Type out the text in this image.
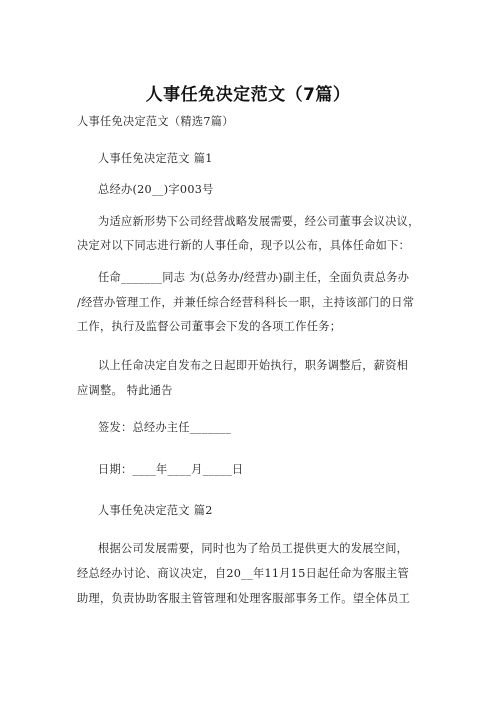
人事任免决定范文（7篇）
人事任免决定范文（精选7篇）
人事任免决定范文 篇1
总经办(20__)字003号
为适应新形势下公司经营战略发展需要，经公司董事会议决议，
决定对以下同志进行新的人事任命，现予以公布，具体任命如下：
任命_______同志 为(总务办/经营办)副主任，全面负责总务办
/经营办管理工作，并兼任综合经营科科长一职，主持该部门的日常
工作，执行及监督公司董事会下发的各项工作任务；
以上任命决定自发布之日起即开始执行，职务调整后，薪资相
应调整。 特此通告
签发：总经办主任_______
日期：____年____月_____日
人事任免决定范文 篇2
根据公司发展需要，同时也为了给员工提供更大的发展空间，
经总经办讨论、商议决定，自20__年11月15日起任命为客服主管
助理，负责协助客服主管管理和处理客服部事务工作。望全体员工
